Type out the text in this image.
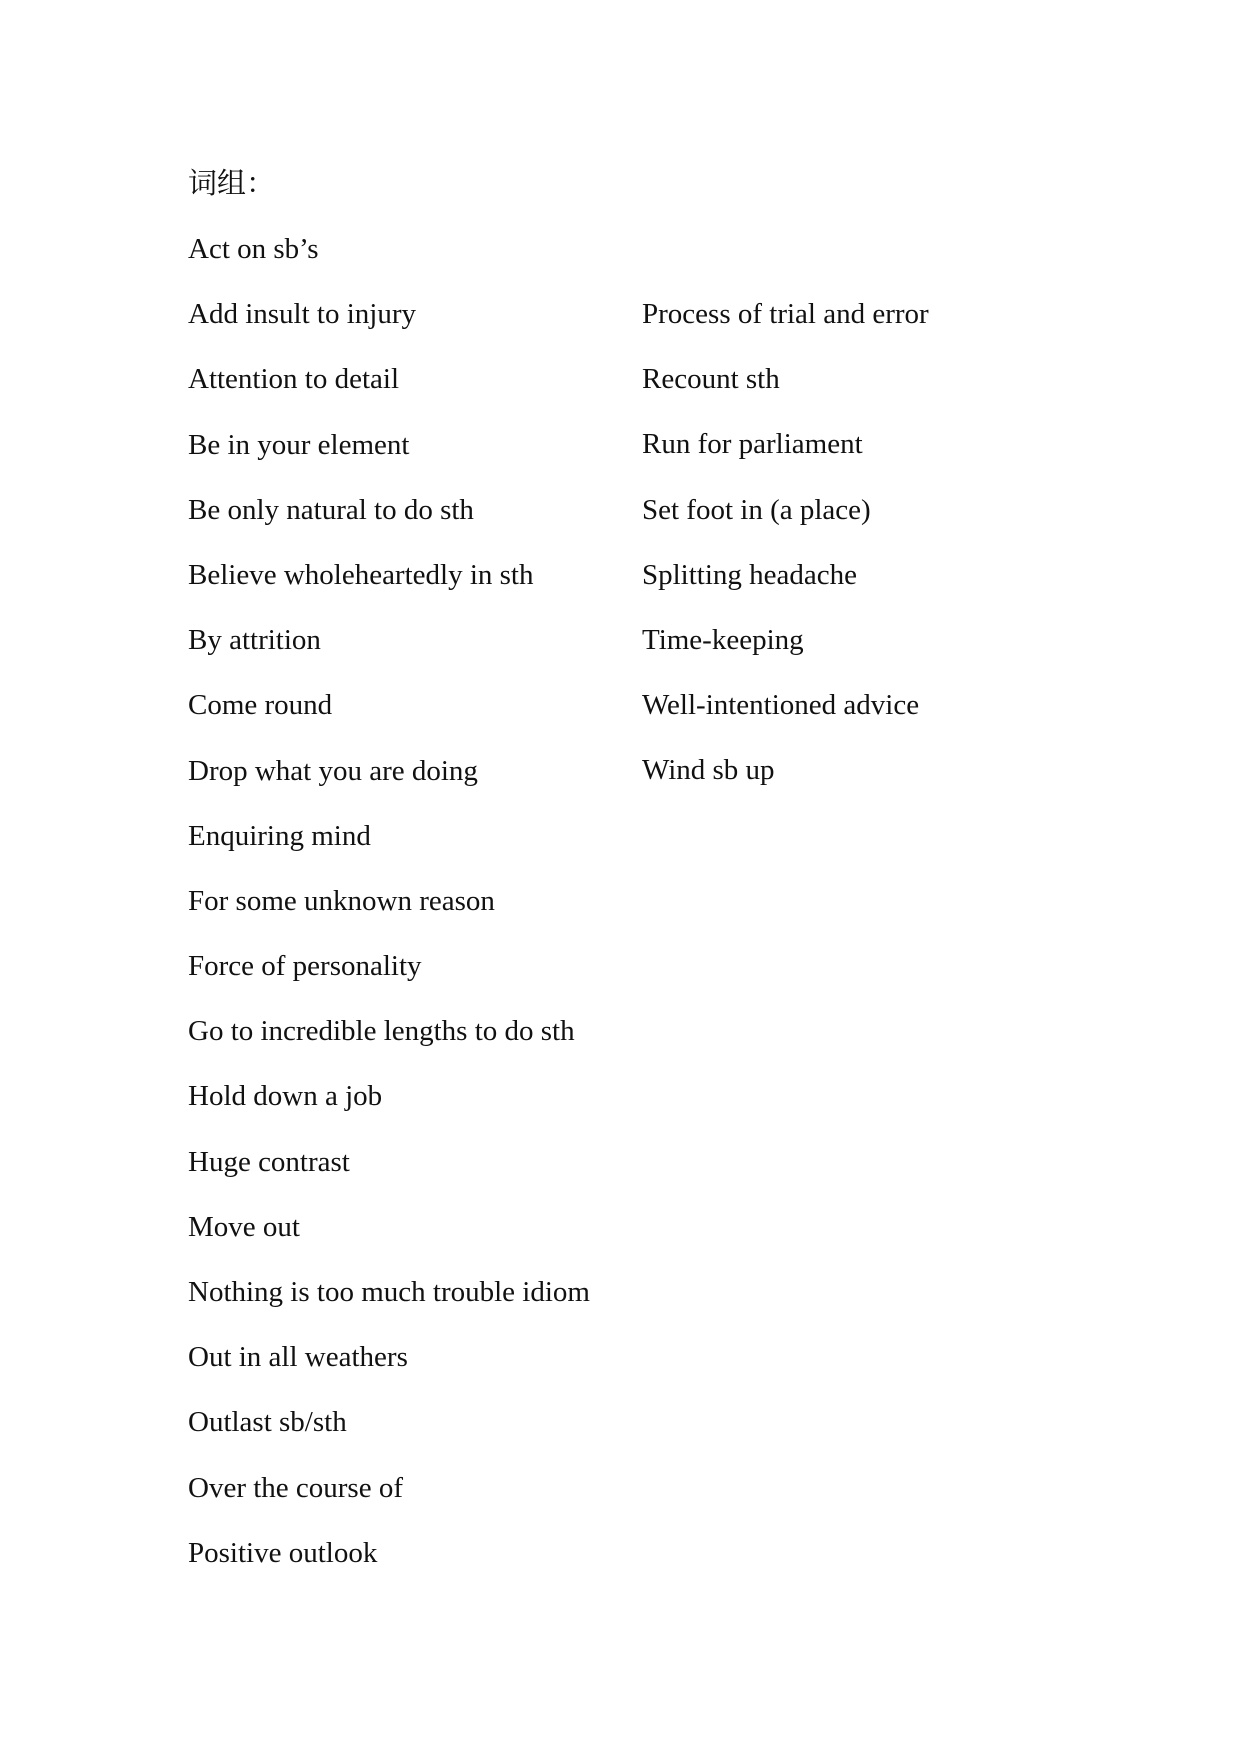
词组：
Act on sb’s
Add insult to injury
Attention to detail
Be in your element
Be only natural to do sth
Believe wholeheartedly in sth
By attrition
Come round
Drop what you are doing
Enquiring mind
For some unknown reason
Force of personality
Go to incredible lengths to do sth
Hold down a job
Huge contrast
Move out
Nothing is too much trouble idiom
Out in all weathers
Outlast sb/sth
Over the course of
Positive outlook
Process of trial and error
Recount sth
Run for parliament
Set foot in (a place)
Splitting headache
Time-keeping
Well-intentioned advice
Wind sb up
